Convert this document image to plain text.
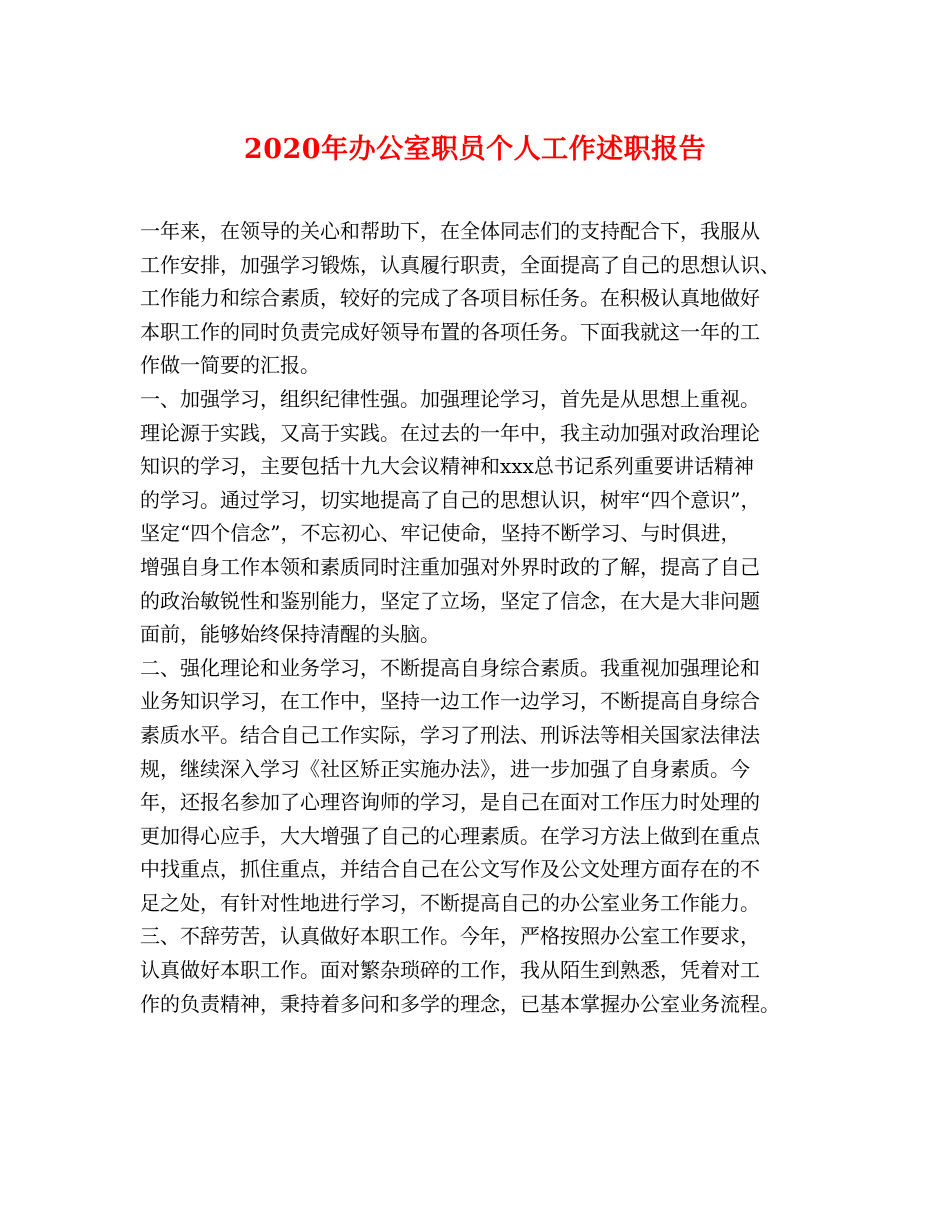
2020年办公室职员个人工作述职报告
一年来，在领导的关心和帮助下，在全体同志们的支持配合下，我服从
工作安排，加强学习锻炼，认真履行职责，全面提高了自己的思想认识、
工作能力和综合素质，较好的完成了各项目标任务。在积极认真地做好
本职工作的同时负责完成好领导布置的各项任务。下面我就这一年的工
作做一简要的汇报。
一、加强学习，组织纪律性强。加强理论学习，首先是从思想上重视。
理论源于实践，又高于实践。在过去的一年中，我主动加强对政治理论
知识的学习，主要包括十九大会议精神和xxx总书记系列重要讲话精神
的学习。通过学习，切实地提高了自己的思想认识，树牢“四个意识”，
坚定“四个信念”，不忘初心、牢记使命，坚持不断学习、与时俱进，
增强自身工作本领和素质同时注重加强对外界时政的了解，提高了自己
的政治敏锐性和鉴别能力，坚定了立场，坚定了信念，在大是大非问题
面前，能够始终保持清醒的头脑。
二、强化理论和业务学习，不断提高自身综合素质。我重视加强理论和
业务知识学习，在工作中，坚持一边工作一边学习，不断提高自身综合
素质水平。结合自己工作实际，学习了刑法、刑诉法等相关国家法律法
规，继续深入学习《社区矫正实施办法》，进一步加强了自身素质。今
年，还报名参加了心理咨询师的学习，是自己在面对工作压力时处理的
更加得心应手，大大增强了自己的心理素质。在学习方法上做到在重点
中找重点，抓住重点，并结合自己在公文写作及公文处理方面存在的不
足之处，有针对性地进行学习，不断提高自己的办公室业务工作能力。
三、不辞劳苦，认真做好本职工作。今年，严格按照办公室工作要求，
认真做好本职工作。面对繁杂琐碎的工作，我从陌生到熟悉，凭着对工
作的负责精神，秉持着多问和多学的理念，已基本掌握办公室业务流程。
